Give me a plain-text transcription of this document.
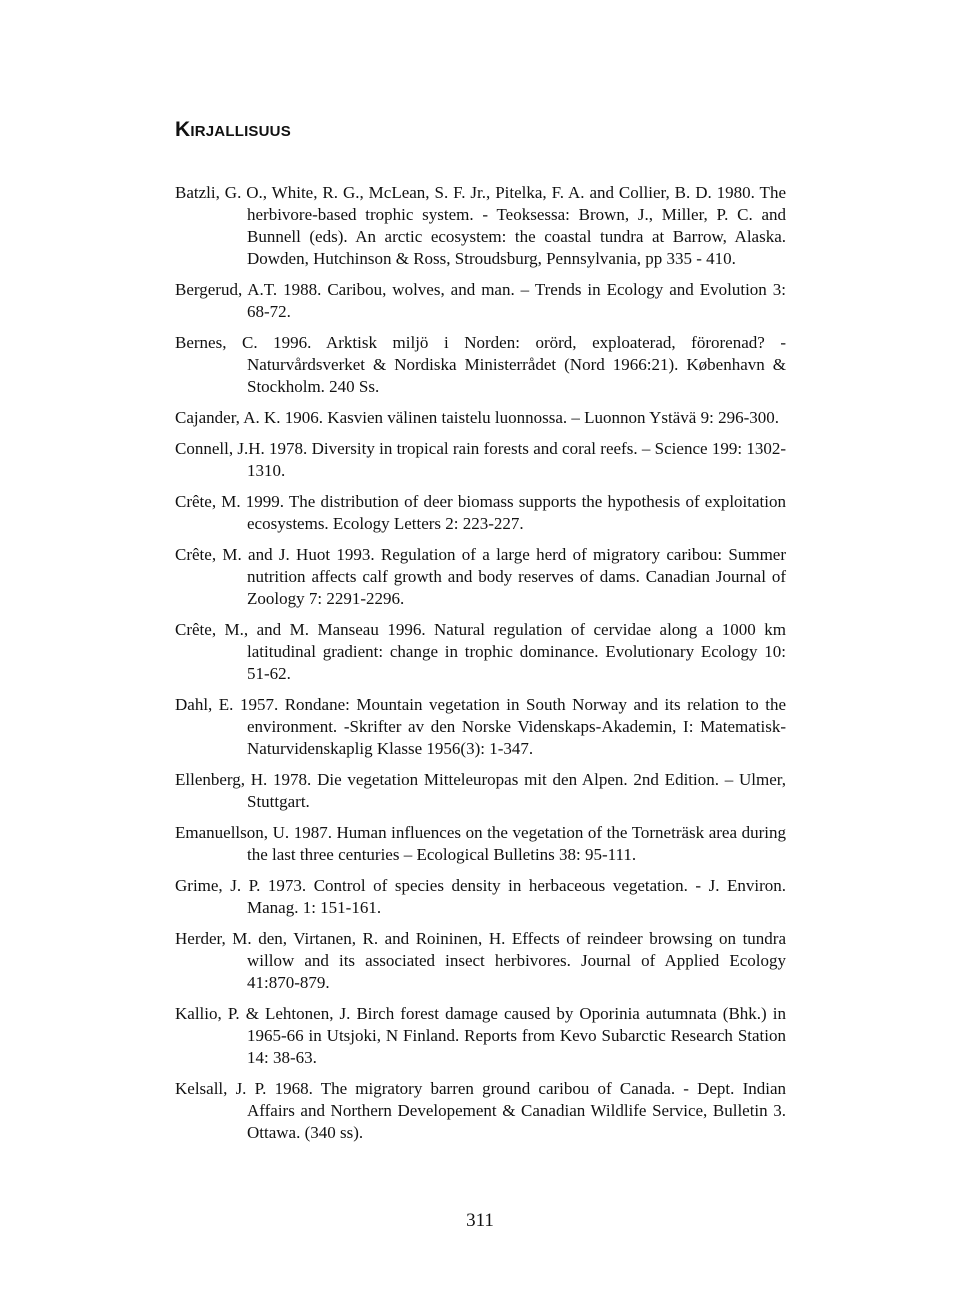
Kirjallisuus
Batzli, G. O., White, R. G., McLean, S. F. Jr., Pitelka, F. A. and Collier, B. D. 1980. The herbivore-based trophic system. - Teoksessa: Brown, J., Miller, P. C. and Bunnell (eds). An arctic ecosystem: the coastal tundra at Barrow, Alaska. Dowden, Hutchinson & Ross, Stroudsburg, Pennsylvania, pp 335 - 410.
Bergerud, A.T. 1988. Caribou, wolves, and man. – Trends in Ecology and Evolution 3: 68-72.
Bernes, C. 1996. Arktisk miljö i Norden: orörd, exploaterad, förorenad? - Naturvårdsverket & Nordiska Ministerrådet (Nord 1966:21). København & Stockholm. 240 Ss.
Cajander, A. K. 1906. Kasvien välinen taistelu luonnossa. – Luonnon Ystävä 9: 296-300.
Connell, J.H. 1978. Diversity in tropical rain forests and coral reefs. – Science 199: 1302-1310.
Crête, M. 1999. The distribution of deer biomass supports the hypothesis of exploitation ecosystems. Ecology Letters 2: 223-227.
Crête, M. and J. Huot 1993. Regulation of a large herd of migratory caribou: Summer nutrition affects calf growth and body reserves of dams. Canadian Journal of Zoology 7: 2291-2296.
Crête, M., and M. Manseau 1996. Natural regulation of cervidae along a 1000 km latitudinal gradient: change in trophic dominance. Evolutionary Ecology 10: 51-62.
Dahl, E. 1957. Rondane: Mountain vegetation in South Norway and its relation to the environment. -Skrifter av den Norske Videnskaps-Akademin, I: Matematisk-Naturvidenskaplig Klasse 1956(3): 1-347.
Ellenberg, H. 1978. Die vegetation Mitteleuropas mit den Alpen. 2nd Edition. – Ulmer, Stuttgart.
Emanuellson, U. 1987. Human influences on the vegetation of the Torneträsk area during the last three centuries – Ecological Bulletins 38: 95-111.
Grime, J. P. 1973. Control of species density in herbaceous vegetation. - J. Environ. Manag. 1: 151-161.
Herder, M. den, Virtanen, R. and Roininen, H. Effects of reindeer browsing on tundra willow and its associated insect herbivores. Journal of Applied Ecology 41:870-879.
Kallio, P. & Lehtonen, J. Birch forest damage caused by Oporinia autumnata (Bhk.) in 1965-66 in Utsjoki, N Finland. Reports from Kevo Subarctic Research Station 14: 38-63.
Kelsall, J. P. 1968. The migratory barren ground caribou of Canada. - Dept. Indian Affairs and Northern Developement & Canadian Wildlife Service, Bulletin 3. Ottawa. (340 ss).
311
